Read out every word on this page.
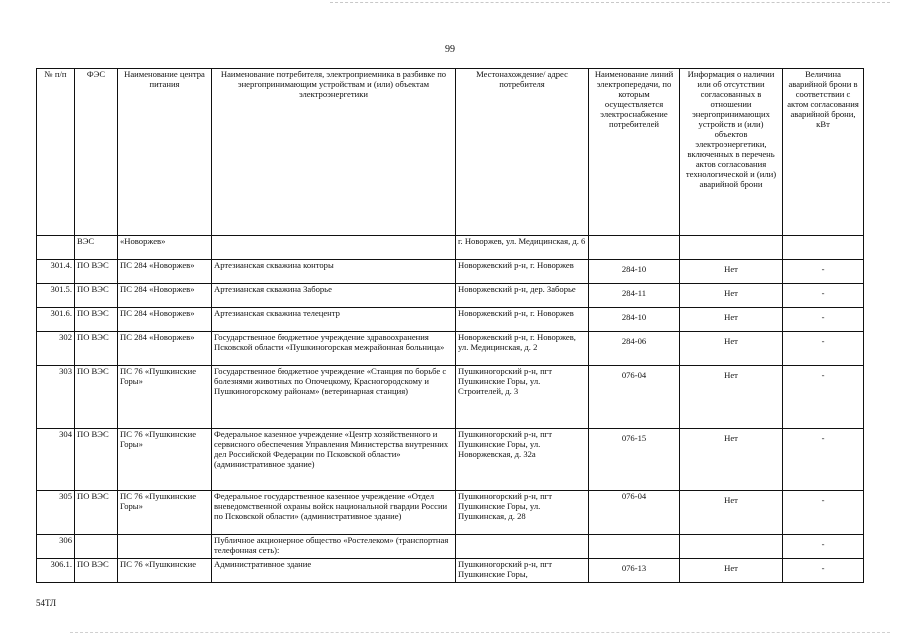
99
№ п/п	ФЭС	Наименование центра питания	Наименование потребителя, электроприемника в разбивке по энергопринимающим устройствам и (или) объектам электроэнергетики	Местонахождение/ адрес потребителя	Наименование линий электропередачи, по которым осуществляется электроснабжение потребителей	Информация о наличии или об отсутствии согласованных в отношении энергопринимающих устройств и (или) объектов электроэнергетики, включенных в перечень актов согласования технологической и (или) аварийной брони	Величина аварийной брони в соответствии с актом согласования аварийной брони, кВт
	ВЭС	«Новоржев»		г. Новоржев, ул. Медицинская, д. 6			
301.4.	ПО ВЭС	ПС 284 «Новоржев»	Артезианская скважина конторы	Новоржевский р-н, г. Новоржев	284-10	Нет	-

301.5.	ПО ВЭС	ПС 284 «Новоржев»	Артезианская скважина Заборье	Новоржевский р-н, дер. Заборье	284-11	Нет	-

301.6.	ПО ВЭС	ПС 284 «Новоржев»	Артезианская скважина телецентр	Новоржевский р-н, г. Новоржев	284-10	Нет	-

302	ПО ВЭС	ПС 284 «Новоржев»	Государственное бюджетное учреждение здравоохранения Псковской области «Пушкиногорская межрайонная больница»	Новоржевский р-н, г. Новоржев, ул. Медицинская, д. 2	284-06	Нет	-

303	ПО ВЭС	ПС 76 «Пушкинские Горы»	Государственное бюджетное учреждение «Станция по борьбе с болезнями животных по Опочецкому, Красногородскому и Пушкиногорскому районам» (ветеринарная станция)	Пушкиногорский р-н, пгт Пушкинские Горы, ул. Строителей, д. 3	076-04	Нет	-

304	ПО ВЭС	ПС 76 «Пушкинские Горы»	Федеральное казенное учреждение «Центр хозяйственного и сервисного обеспечения Управления Министерства внутренних дел Российской Федерации по Псковской области» (административное здание)	Пушкиногорский р-н, пгт Пушкинские Горы, ул. Новоржевская, д. 32а	076-15	Нет	-

305	ПО ВЭС	ПС 76 «Пушкинские Горы»	Федеральное государственное казенное учреждение «Отдел вневедомственной охраны войск национальной гвардии России по Псковской области» (административное здание)	Пушкиногорский р-н, пгт Пушкинские Горы, ул. Пушкинская, д. 28	076-04	Нет	-

306			Публичное акционерное общество «Ростелеком» (транспортная телефонная сеть):				-

306.1.	ПО ВЭС	ПС 76 «Пушкинские	Административное здание	Пушкиногорский р-н, пгт Пушкинские Горы,	076-13	Нет	-
54ТЛ
